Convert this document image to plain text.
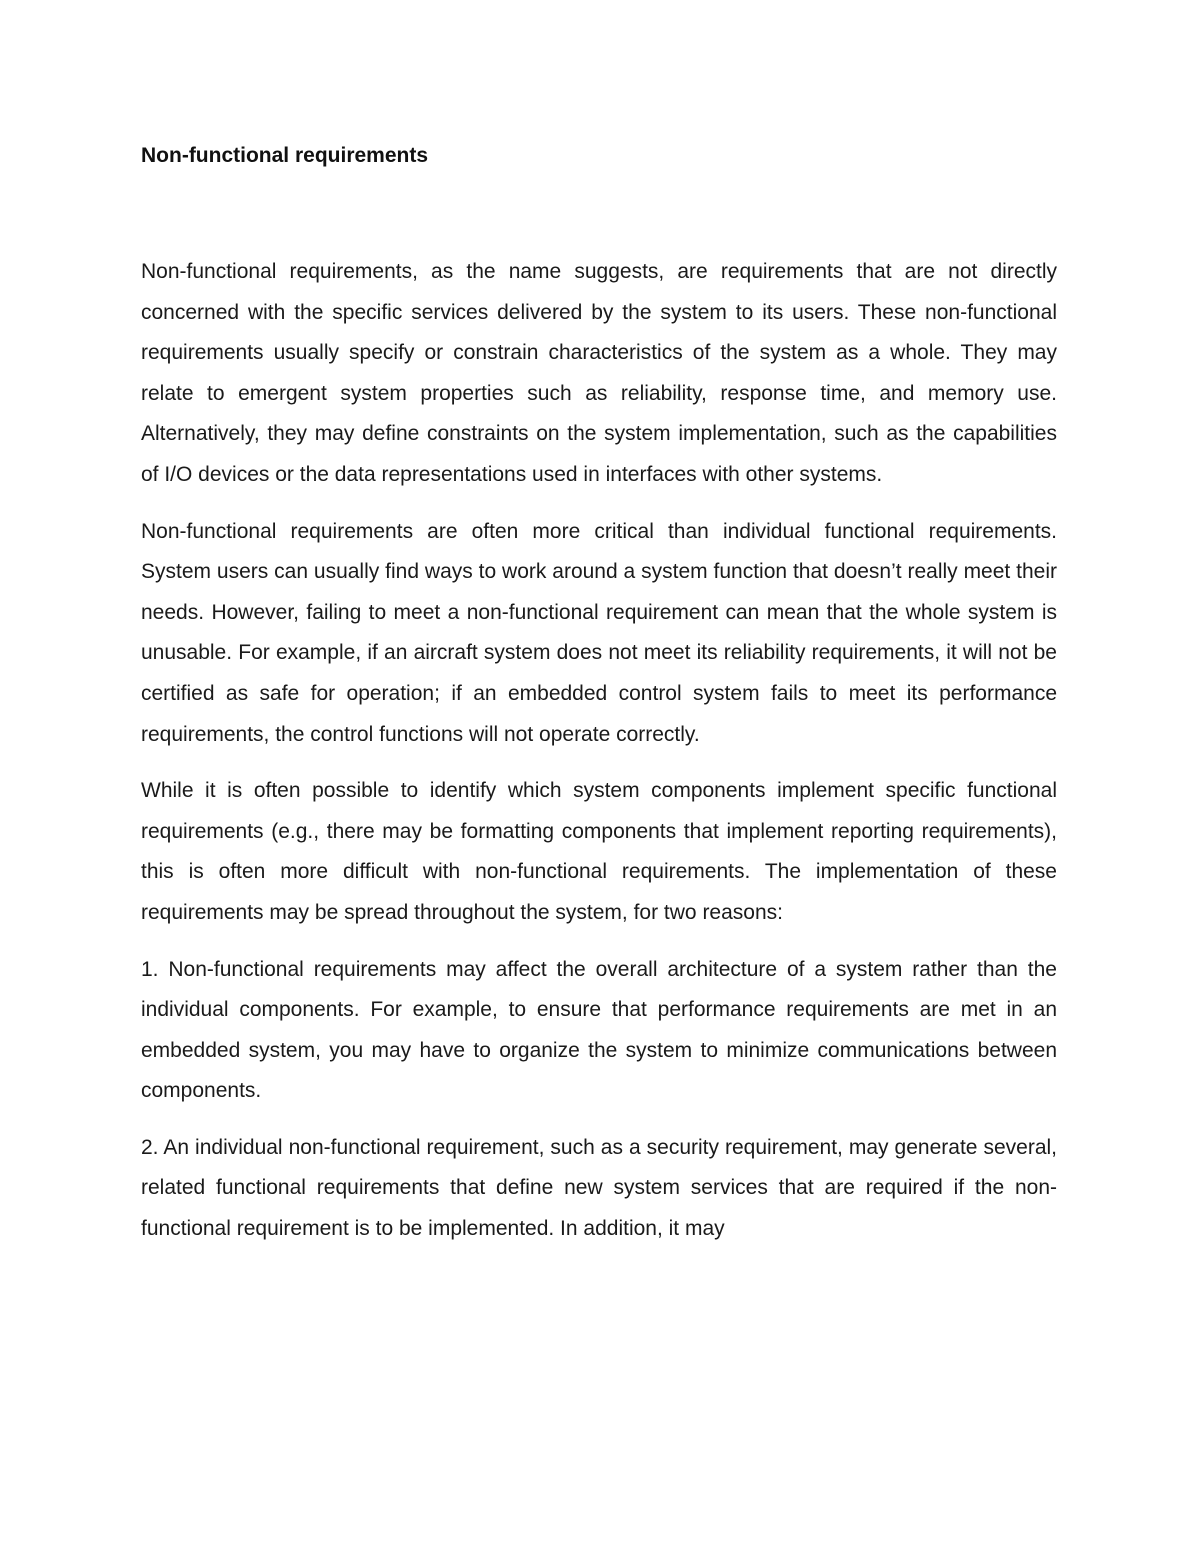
Non-functional requirements

Non-functional requirements, as the name suggests, are requirements that are not directly concerned with the specific services delivered by the system to its users. These non-functional requirements usually specify or constrain characteristics of the system as a whole. They may relate to emergent system properties such as reliability, response time, and memory use. Alternatively, they may define constraints on the system implementation, such as the capabilities of I/O devices or the data representations used in interfaces with other systems.

Non-functional requirements are often more critical than individual functional requirements. System users can usually find ways to work around a system function that doesn’t really meet their needs. However, failing to meet a non-functional requirement can mean that the whole system is unusable. For example, if an aircraft system does not meet its reliability requirements, it will not be certified as safe for operation; if an embedded control system fails to meet its performance requirements, the control functions will not operate correctly.

While it is often possible to identify which system components implement specific functional requirements (e.g., there may be formatting components that implement reporting requirements), this is often more difficult with non-functional requirements. The implementation of these requirements may be spread throughout the system, for two reasons:

1. Non-functional requirements may affect the overall architecture of a system rather than the individual components. For example, to ensure that performance requirements are met in an embedded system, you may have to organize the system to minimize communications between components.

2. An individual non-functional requirement, such as a security requirement, may generate several, related functional requirements that define new system services that are required if the non-functional requirement is to be implemented. In addition, it may
